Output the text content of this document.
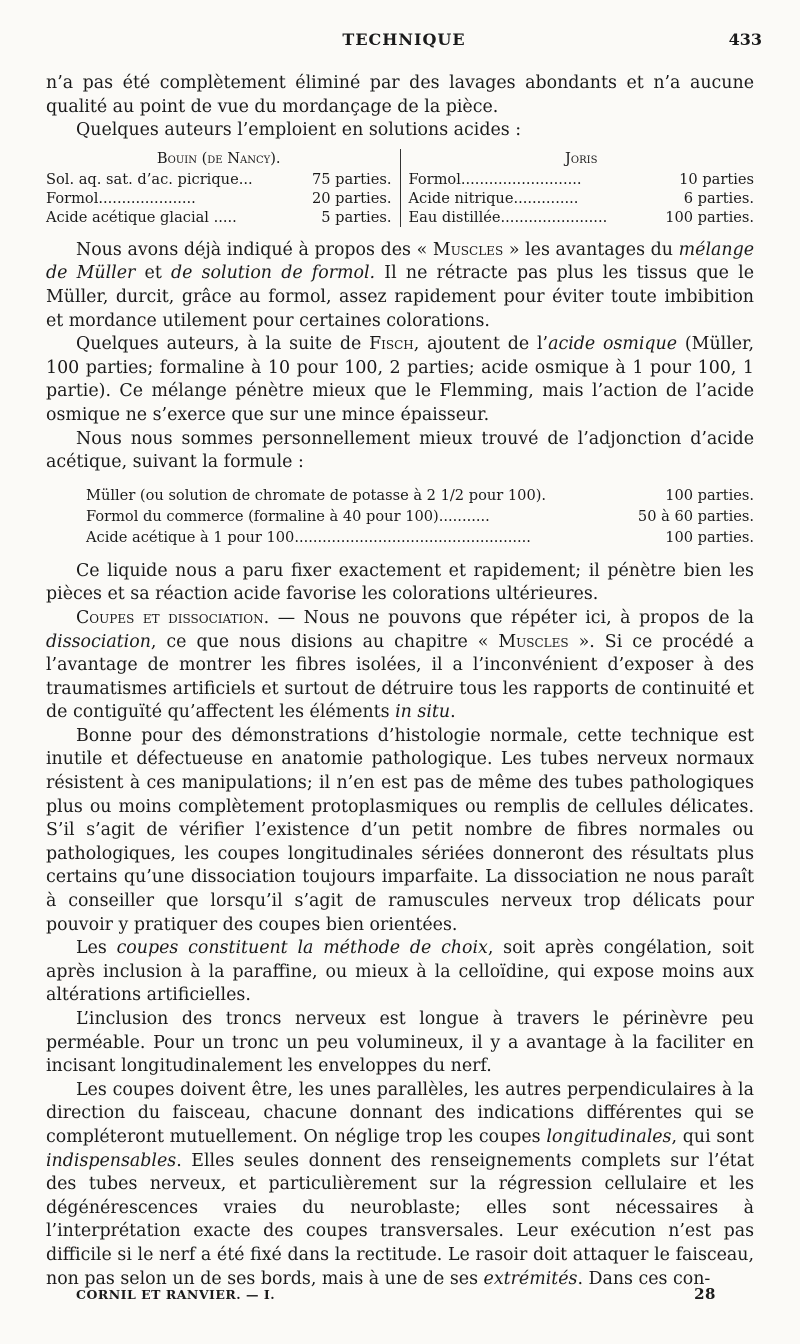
TECHNIQUE	433

n’a pas été complètement éliminé par des lavages abondants et n’a aucune qualité au point de vue du mordançage de la pièce.

Quelques auteurs l’emploient en solutions acides :

Bouin (de Nancy).
Sol. aq. sat. d’ac. picrique...	75 parties.
Formol.....................	20 parties.
Acide acétique glacial .....	5 parties.
Joris
Formol..........................	10 parties
Acide nitrique..............	6 parties.
Eau distillée.......................	100 parties.

Nous avons déjà indiqué à propos des « Muscles » les avantages du mélange de Müller et de solution de formol. Il ne rétracte pas plus les tissus que le Müller, durcit, grâce au formol, assez rapidement pour éviter toute imbibition et mordance utilement pour certaines colorations.

Quelques auteurs, à la suite de Fisch, ajoutent de l’acide osmique (Müller, 100 parties; formaline à 10 pour 100, 2 parties; acide osmique à 1 pour 100, 1 partie). Ce mélange pénètre mieux que le Flemming, mais l’action de l’acide osmique ne s’exerce que sur une mince épaisseur.

Nous nous sommes personnellement mieux trouvé de l’adjonction d’acide acétique, suivant la formule :

Müller (ou solution de chromate de potasse à 2 1/2 pour 100).	100 parties.
Formol du commerce (formaline à 40 pour 100)...........	50 à 60 parties.
Acide acétique à 1 pour 100...................................................	100 parties.

Ce liquide nous a paru fixer exactement et rapidement; il pénètre bien les pièces et sa réaction acide favorise les colorations ultérieures.

Coupes et dissociation. — Nous ne pouvons que répéter ici, à propos de la dissociation, ce que nous disions au chapitre « Muscles ». Si ce procédé a l’avantage de montrer les fibres isolées, il a l’inconvénient d’exposer à des traumatismes artificiels et surtout de détruire tous les rapports de continuité et de contiguïté qu’affectent les éléments in situ.

Bonne pour des démonstrations d’histologie normale, cette technique est inutile et défectueuse en anatomie pathologique. Les tubes nerveux normaux résistent à ces manipulations; il n’en est pas de même des tubes pathologiques plus ou moins complètement protoplasmiques ou remplis de cellules délicates. S’il s’agit de vérifier l’existence d’un petit nombre de fibres normales ou pathologiques, les coupes longitudinales sériées donneront des résultats plus certains qu’une dissociation toujours imparfaite. La dissociation ne nous paraît à conseiller que lorsqu’il s’agit de ramuscules nerveux trop délicats pour pouvoir y pratiquer des coupes bien orientées.

Les coupes constituent la méthode de choix, soit après congélation, soit après inclusion à la paraffine, ou mieux à la celloïdine, qui expose moins aux altérations artificielles.

L’inclusion des troncs nerveux est longue à travers le périnèvre peu perméable. Pour un tronc un peu volumineux, il y a avantage à la faciliter en incisant longitudinalement les enveloppes du nerf.

Les coupes doivent être, les unes parallèles, les autres perpendiculaires à la direction du faisceau, chacune donnant des indications différentes qui se compléteront mutuellement. On néglige trop les coupes longitudinales, qui sont indispensables. Elles seules donnent des renseignements complets sur l’état des tubes nerveux, et particulièrement sur la régression cellulaire et les dégénérescences vraies du neuroblaste; elles sont nécessaires à l’interprétation exacte des coupes transversales. Leur exécution n’est pas difficile si le nerf a été fixé dans la rectitude. Le rasoir doit attaquer le faisceau, non pas selon un de ses bords, mais à une de ses extrémités. Dans ces con-

CORNIL ET RANVIER. — I.	28
